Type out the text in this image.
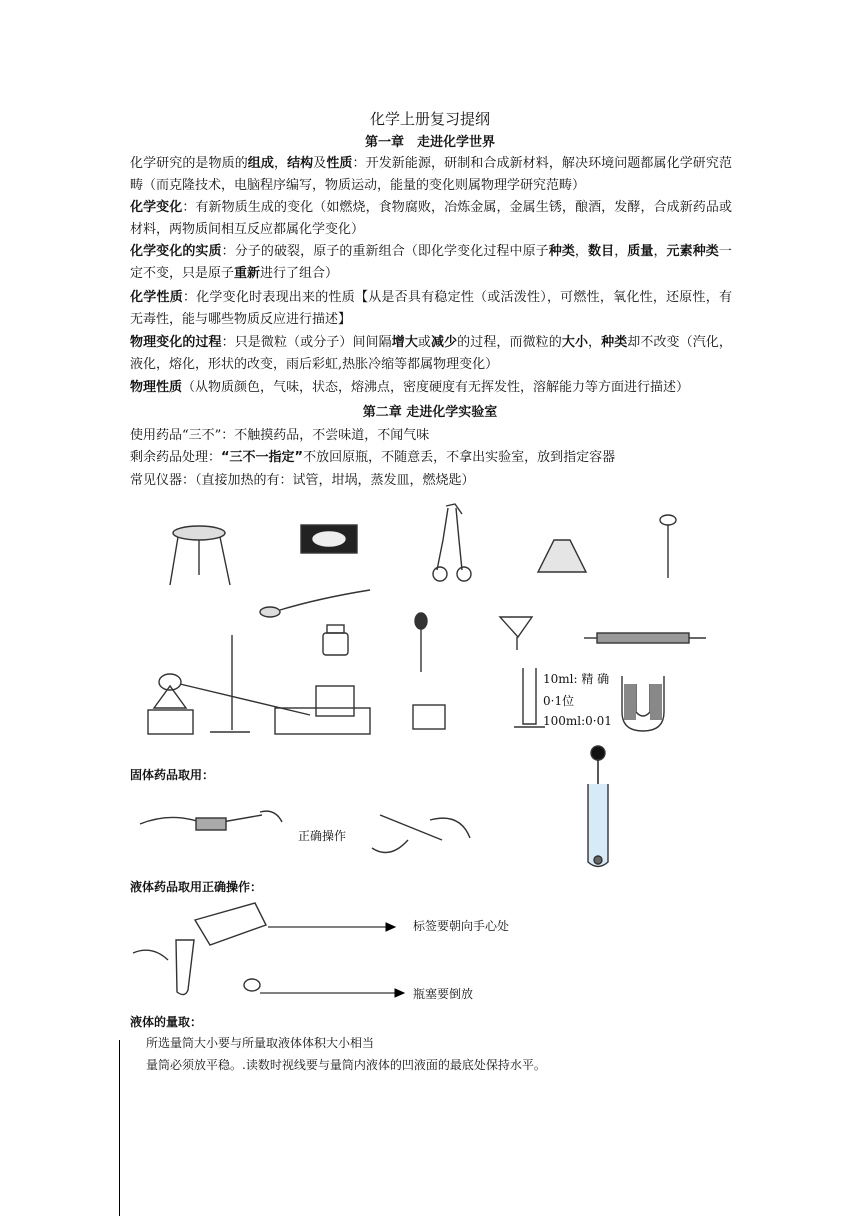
化学上册复习提纲
第一章　走进化学世界
化学研究的是物质的组成，结构及性质：开发新能源，研制和合成新材料，解决环境问题都属化学研究范畴（而克隆技术，电脑程序编写，物质运动，能量的变化则属物理学研究范畴）
化学变化：有新物质生成的变化（如燃烧，食物腐败，冶炼金属，金属生锈，酿酒，发酵，合成新药品或材料，两物质间相互反应都属化学变化）
化学变化的实质：分子的破裂，原子的重新组合（即化学变化过程中原子种类，数目，质量，元素种类一定不变，只是原子重新进行了组合）
化学性质：化学变化时表现出来的性质【从是否具有稳定性（或活泼性），可燃性，氧化性，还原性，有无毒性，能与哪些物质反应进行描述】
物理变化的过程：只是微粒（或分子）间间隔增大或减少的过程，而微粒的大小，种类却不改变（汽化，液化，熔化，形状的改变，雨后彩虹,热胀冷缩等都属物理变化）
物理性质（从物质颜色，气味，状态，熔沸点，密度硬度有无挥发性，溶解能力等方面进行描述）
第二章 走进化学实验室
使用药品“三不”：不触摸药品，不尝味道，不闻气味
剩余药品处理：“三不一指定”不放回原瓶，不随意丢，不拿出实验室，放到指定容器
常见仪器：（直接加热的有：试管，坩埚，蒸发皿，燃烧匙）
10ml: 精 确
0·1位
100ml:0·01
固体药品取用：
正确操作
液体药品取用正确操作：
标签要朝向手心处
瓶塞要倒放
液体的量取：
所选量筒大小要与所量取液体体积大小相当
量筒必须放平稳。.读数时视线要与量筒内液体的凹液面的最底处保持水平。
